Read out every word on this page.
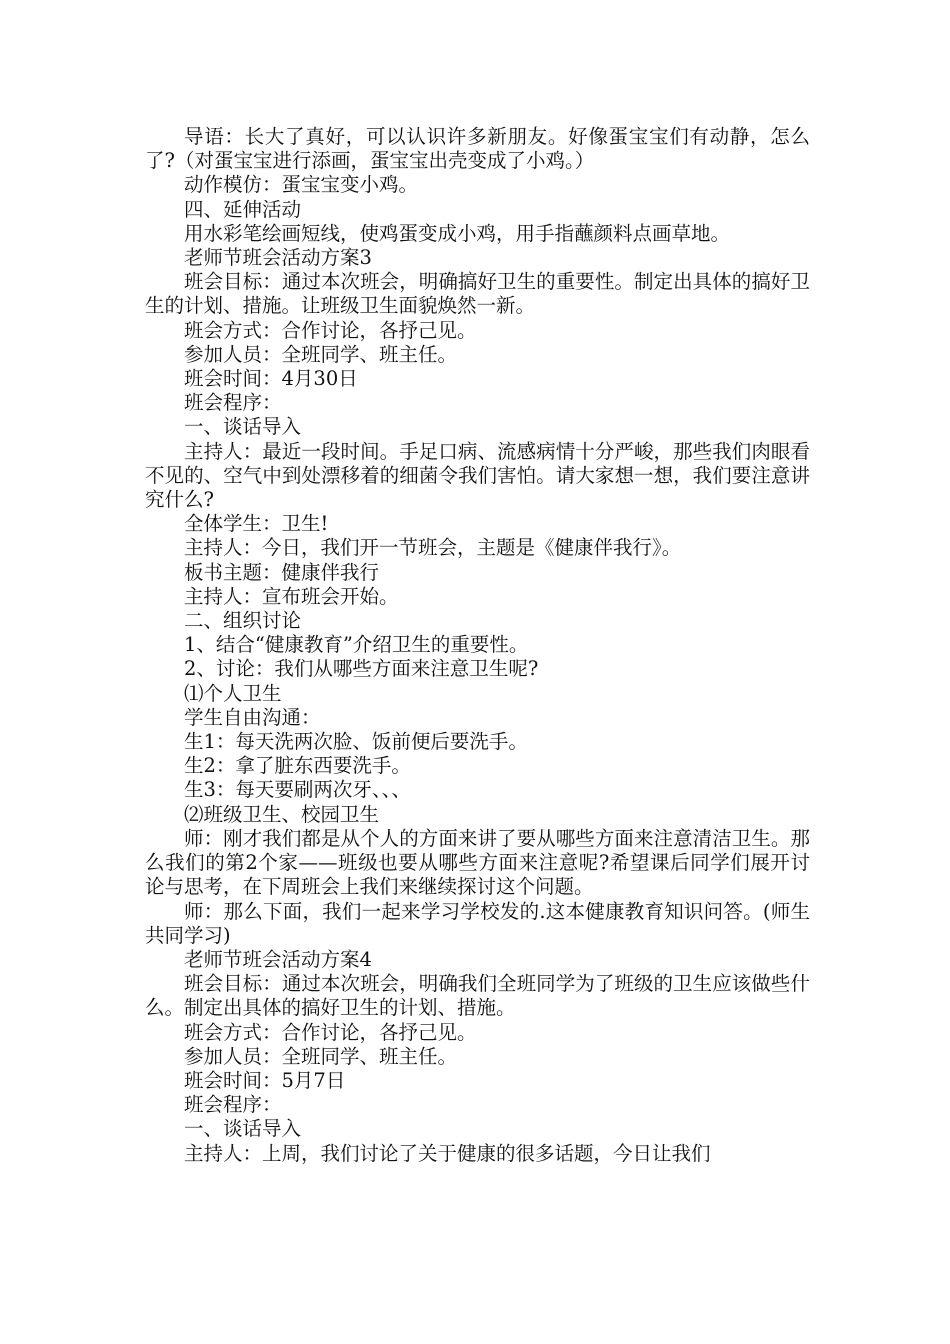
导语：长大了真好，可以认识许多新朋友。好像蛋宝宝们有动静，怎么了?（对蛋宝宝进行添画，蛋宝宝出壳变成了小鸡。）

动作模仿：蛋宝宝变小鸡。

四、延伸活动

用水彩笔绘画短线，使鸡蛋变成小鸡，用手指蘸颜料点画草地。

老师节班会活动方案3

班会目标：通过本次班会，明确搞好卫生的重要性。制定出具体的搞好卫生的计划、措施。让班级卫生面貌焕然一新。

班会方式：合作讨论，各抒己见。

参加人员：全班同学、班主任。

班会时间：4月30日

班会程序：

一、谈话导入

主持人：最近一段时间。手足口病、流感病情十分严峻，那些我们肉眼看不见的、空气中到处漂移着的细菌令我们害怕。请大家想一想，我们要注意讲究什么?

全体学生：卫生!

主持人：今日，我们开一节班会，主题是《健康伴我行》。

板书主题：健康伴我行

主持人：宣布班会开始。

二、组织讨论

1、结合“健康教育”介绍卫生的重要性。

2、讨论：我们从哪些方面来注意卫生呢?

⑴个人卫生

学生自由沟通：

生1：每天洗两次脸、饭前便后要洗手。

生2：拿了脏东西要洗手。

生3：每天要刷两次牙、、、

⑵班级卫生、校园卫生

师：刚才我们都是从个人的方面来讲了要从哪些方面来注意清洁卫生。那么我们的第2个家——班级也要从哪些方面来注意呢?希望课后同学们展开讨论与思考，在下周班会上我们来继续探讨这个问题。

师：那么下面，我们一起来学习学校发的.这本健康教育知识问答。(师生共同学习)

老师节班会活动方案4

班会目标：通过本次班会，明确我们全班同学为了班级的卫生应该做些什么。制定出具体的搞好卫生的计划、措施。

班会方式：合作讨论，各抒己见。

参加人员：全班同学、班主任。

班会时间：5月7日

班会程序：

一、谈话导入

主持人：上周，我们讨论了关于健康的很多话题，今日让我们
